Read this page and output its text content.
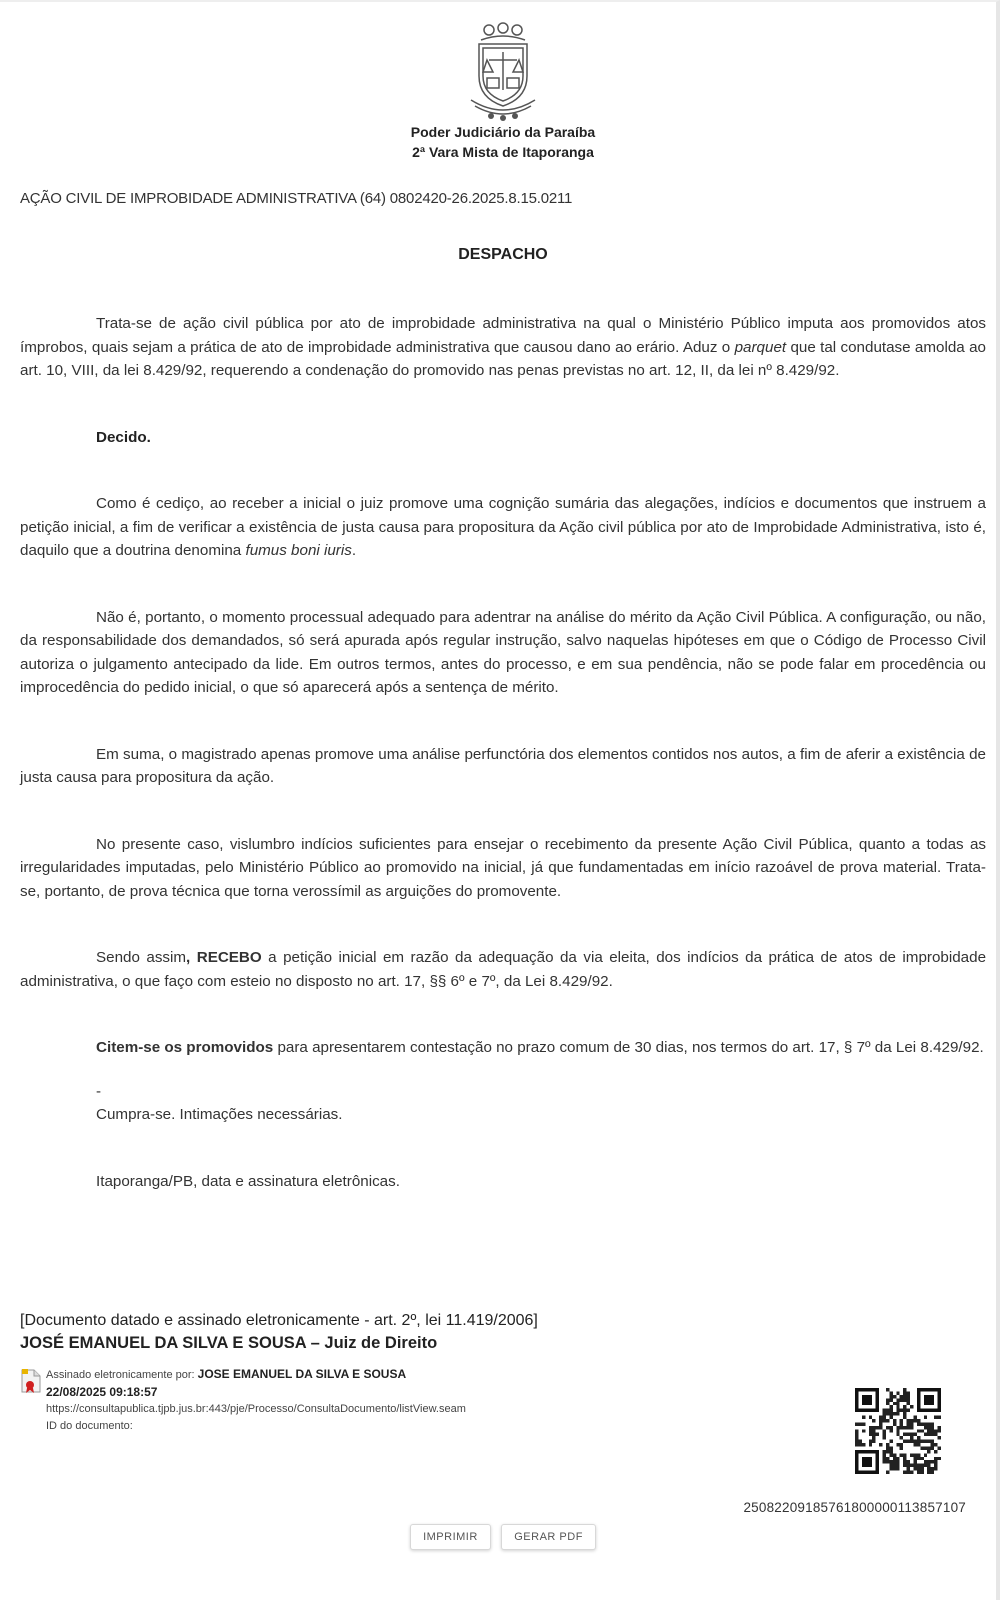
Poder Judiciário da Paraíba
2ª Vara Mista de Itaporanga
AÇÃO CIVIL DE IMPROBIDADE ADMINISTRATIVA (64) 0802420-26.2025.8.15.0211
DESPACHO

Trata-se de ação civil pública por ato de improbidade administrativa na qual o Ministério Público imputa aos promovidos atos ímprobos, quais sejam a prática de ato de improbidade administrativa que causou dano ao erário. Aduz o parquet que tal condutase amolda ao art. 10, VIII, da lei 8.429/92, requerendo a condenação do promovido nas penas previstas no art. 12, II, da lei nº 8.429/92.

Decido.

Como é cediço, ao receber a inicial o juiz promove uma cognição sumária das alegações, indícios e documentos que instruem a petição inicial, a fim de verificar a existência de justa causa para propositura da Ação civil pública por ato de Improbidade Administrativa, isto é, daquilo que a doutrina denomina fumus boni iuris.

Não é, portanto, o momento processual adequado para adentrar na análise do mérito da Ação Civil Pública. A configuração, ou não, da responsabilidade dos demandados, só será apurada após regular instrução, salvo naquelas hipóteses em que o Código de Processo Civil autoriza o julgamento antecipado da lide. Em outros termos, antes do processo, e em sua pendência, não se pode falar em procedência ou improcedência do pedido inicial, o que só aparecerá após a sentença de mérito.

Em suma, o magistrado apenas promove uma análise perfunctória dos elementos contidos nos autos, a fim de aferir a existência de justa causa para propositura da ação.

No presente caso, vislumbro indícios suficientes para ensejar o recebimento da presente Ação Civil Pública, quanto a todas as irregularidades imputadas, pelo Ministério Público ao promovido na inicial, já que fundamentadas em início razoável de prova material. Trata-se, portanto, de prova técnica que torna verossímil as arguições do promovente.

Sendo assim, RECEBO a petição inicial em razão da adequação da via eleita, dos indícios da prática de atos de improbidade administrativa, o que faço com esteio no disposto no art. 17, §§ 6º e 7º, da Lei 8.429/92.

Citem-se os promovidos para apresentarem contestação no prazo comum de 30 dias, nos termos do art. 17, § 7º da Lei 8.429/92.

-

Cumpra-se. Intimações necessárias.

Itaporanga/PB, data e assinatura eletrônicas.

[Documento datado e assinado eletronicamente - art. 2º, lei 11.419/2006]
JOSÉ EMANUEL DA SILVA E SOUSA – Juiz de Direito
Assinado eletronicamente por: JOSE EMANUEL DA SILVA E SOUSA
22/08/2025 09:18:57
https://consultapublica.tjpb.jus.br:443/pje/Processo/ConsultaDocumento/listView.seam
ID do documento:
25082209185761800000113857107
IMPRIMIR	GERAR PDF
